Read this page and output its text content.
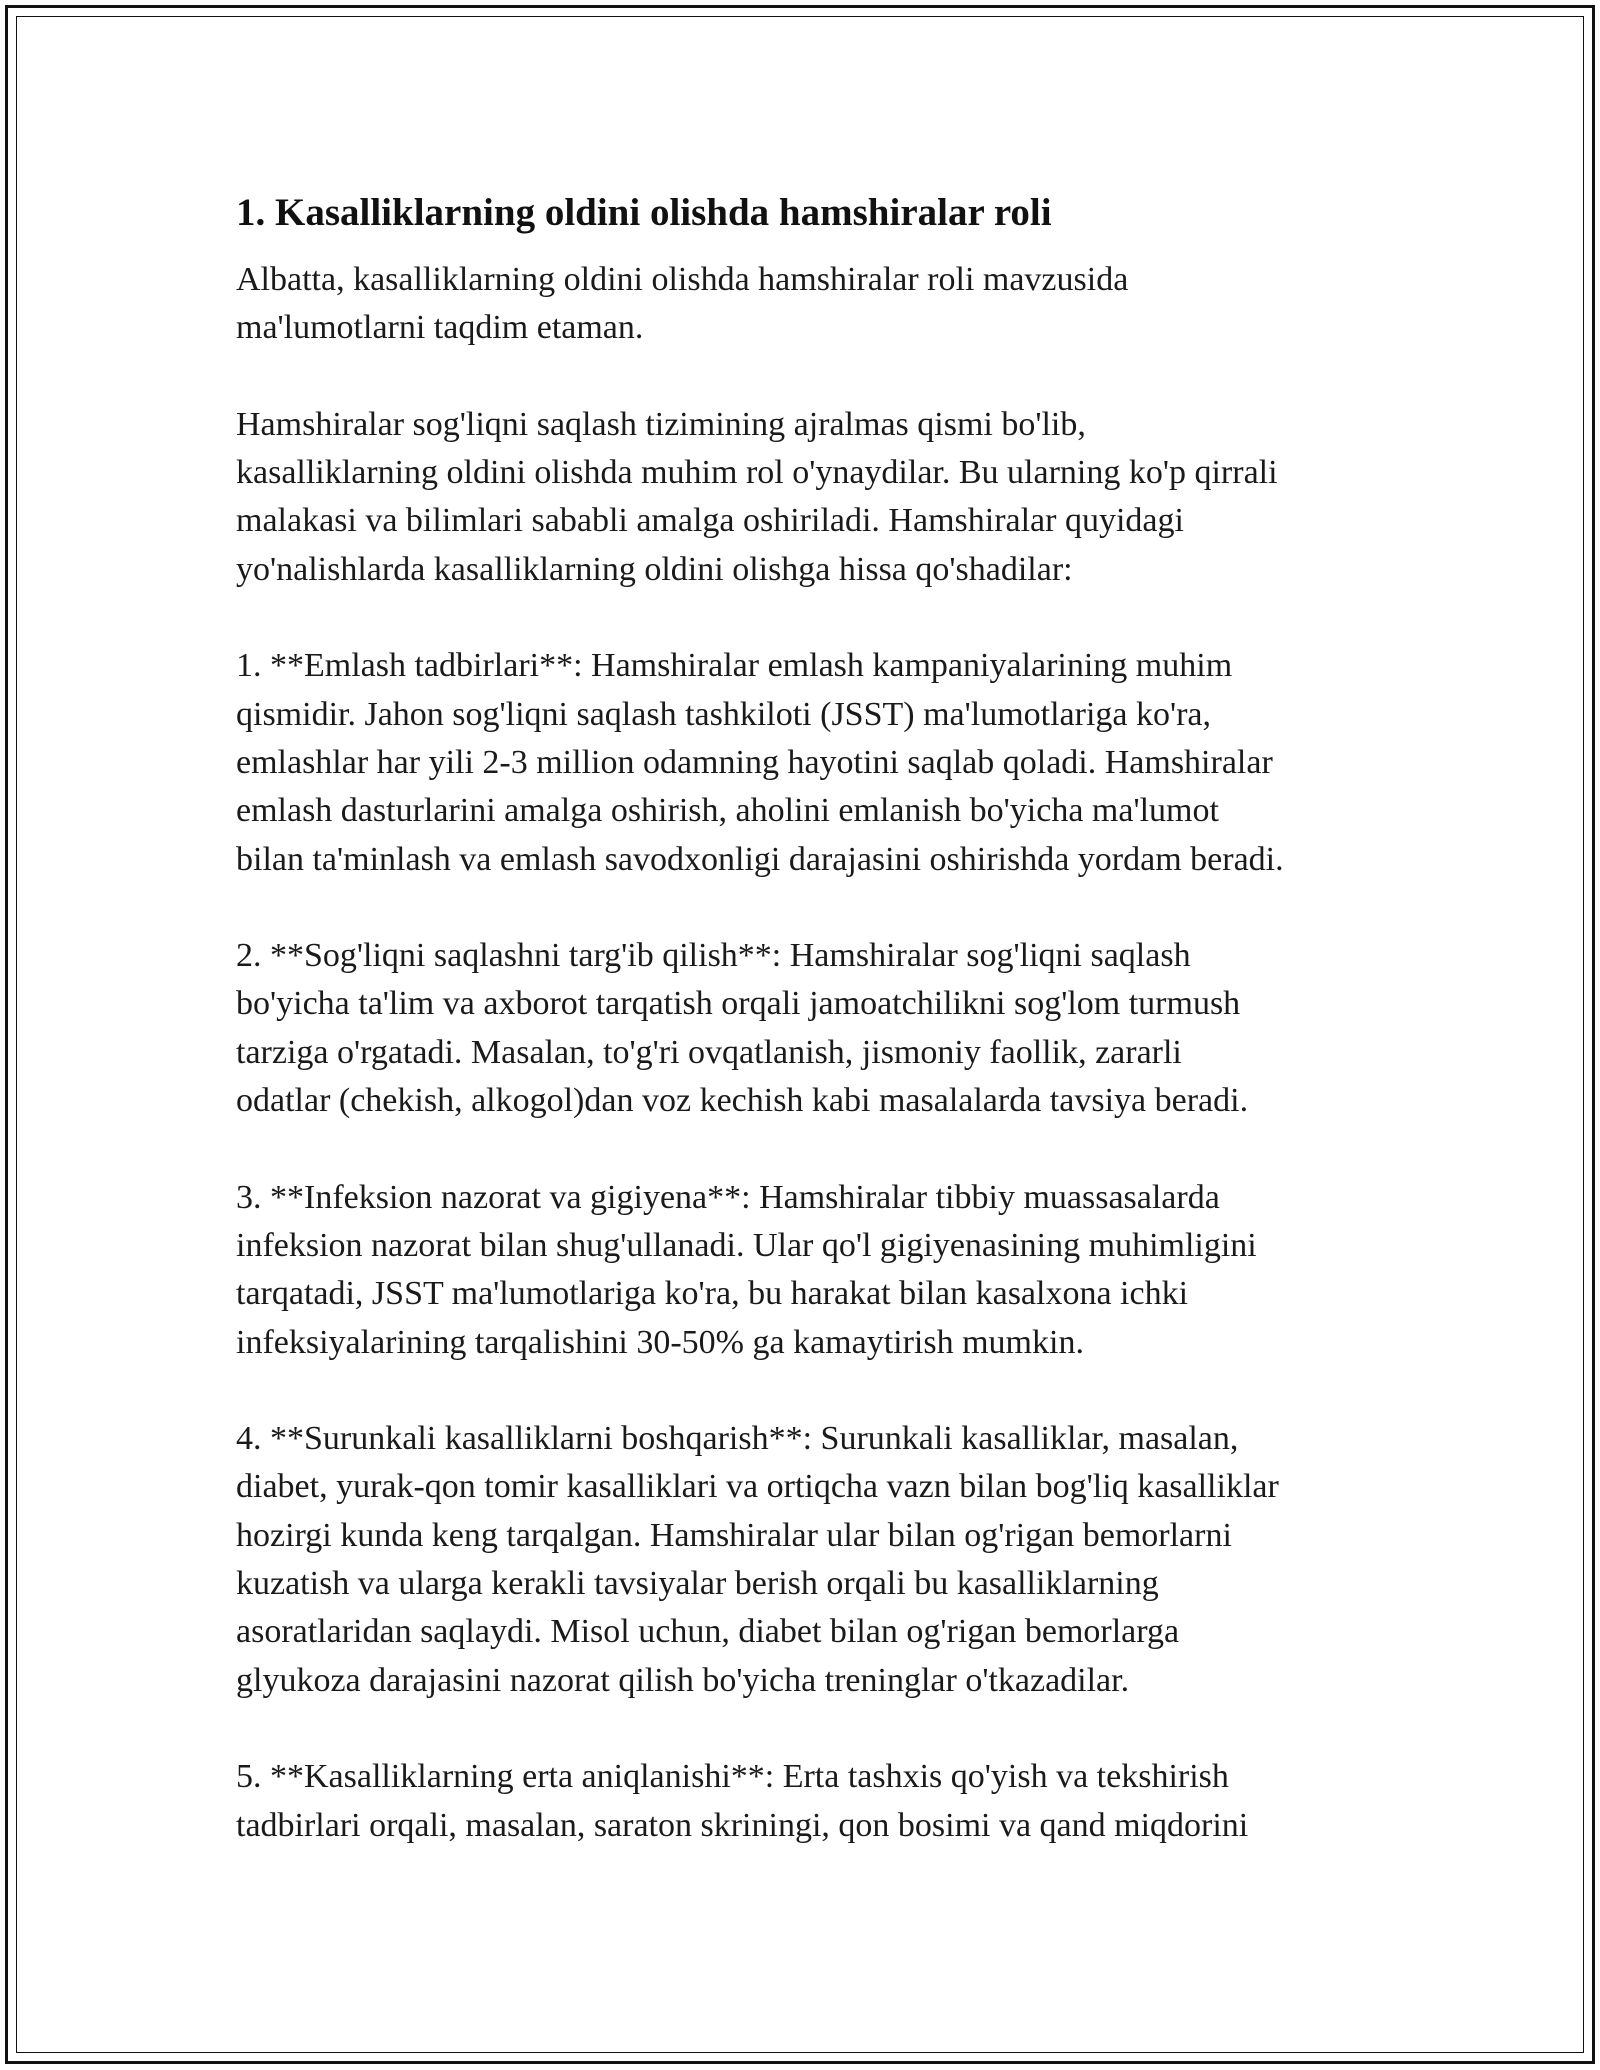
1. Kasalliklarning oldini olishda hamshiralar roli

Albatta, kasalliklarning oldini olishda hamshiralar roli mavzusida
ma'lumotlarni taqdim etaman.

Hamshiralar sog'liqni saqlash tizimining ajralmas qismi bo'lib,
kasalliklarning oldini olishda muhim rol o'ynaydilar. Bu ularning ko'p qirrali
malakasi va bilimlari sababli amalga oshiriladi. Hamshiralar quyidagi
yo'nalishlarda kasalliklarning oldini olishga hissa qo'shadilar:

1. **Emlash tadbirlari**: Hamshiralar emlash kampaniyalarining muhim
qismidir. Jahon sog'liqni saqlash tashkiloti (JSST) ma'lumotlariga ko'ra,
emlashlar har yili 2-3 million odamning hayotini saqlab qoladi. Hamshiralar
emlash dasturlarini amalga oshirish, aholini emlanish bo'yicha ma'lumot
bilan ta'minlash va emlash savodxonligi darajasini oshirishda yordam beradi.

2. **Sog'liqni saqlashni targ'ib qilish**: Hamshiralar sog'liqni saqlash
bo'yicha ta'lim va axborot tarqatish orqali jamoatchilikni sog'lom turmush
tarziga o'rgatadi. Masalan, to'g'ri ovqatlanish, jismoniy faollik, zararli
odatlar (chekish, alkogol)dan voz kechish kabi masalalarda tavsiya beradi.

3. **Infeksion nazorat va gigiyena**: Hamshiralar tibbiy muassasalarda
infeksion nazorat bilan shug'ullanadi. Ular qo'l gigiyenasining muhimligini
tarqatadi, JSST ma'lumotlariga ko'ra, bu harakat bilan kasalxona ichki
infeksiyalarining tarqalishini 30-50% ga kamaytirish mumkin.

4. **Surunkali kasalliklarni boshqarish**: Surunkali kasalliklar, masalan,
diabet, yurak-qon tomir kasalliklari va ortiqcha vazn bilan bog'liq kasalliklar
hozirgi kunda keng tarqalgan. Hamshiralar ular bilan og'rigan bemorlarni
kuzatish va ularga kerakli tavsiyalar berish orqali bu kasalliklarning
asoratlaridan saqlaydi. Misol uchun, diabet bilan og'rigan bemorlarga
glyukoza darajasini nazorat qilish bo'yicha treninglar o'tkazadilar.

5. **Kasalliklarning erta aniqlanishi**: Erta tashxis qo'yish va tekshirish
tadbirlari orqali, masalan, saraton skriningi, qon bosimi va qand miqdorini
